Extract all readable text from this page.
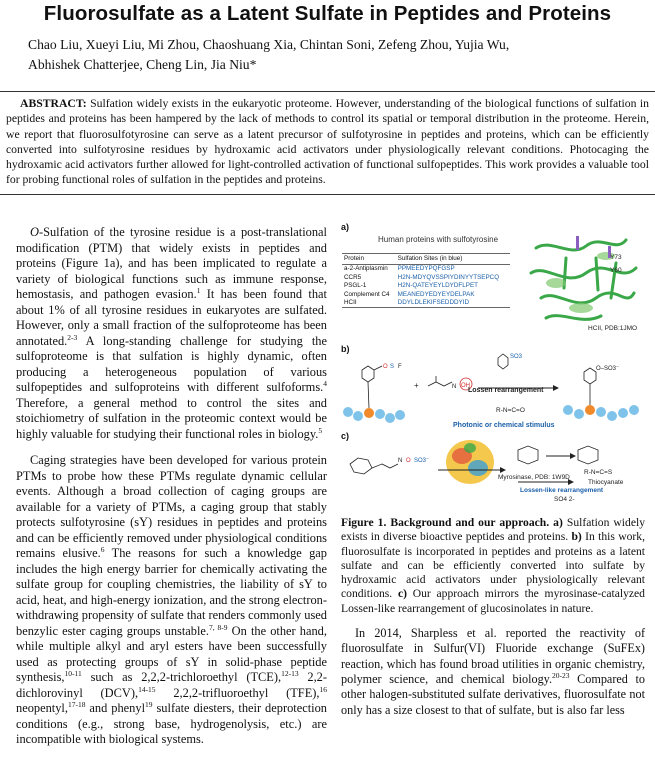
Fluorosulfate as a Latent Sulfate in Peptides and Proteins
Chao Liu, Xueyi Liu, Mi Zhou, Chaoshuang Xia, Chintan Soni, Zefeng Zhou, Yujia Wu,
Abhishek Chatterjee, Cheng Lin, Jia Niu*
ABSTRACT: Sulfation widely exists in the eukaryotic proteome. However, understanding of the biological functions of sulfation in peptides and proteins has been hampered by the lack of methods to control its spatial or temporal distribution in the proteome. Herein, we report that fluorosulfotyrosine can serve as a latent precursor of sulfotyrosine in peptides and proteins, which can be efficiently converted into sulfotyrosine residues by hydroxamic acid activators under physiologically relevant conditions. Photocaging the hydroxamic acid activators further allowed for light-controlled activation of functional sulfopeptides. This work provides a valuable tool for probing functional roles of sulfation in the peptides and proteins.

O-Sulfation of the tyrosine residue is a post-translational modification (PTM) that widely exists in peptides and proteins (Figure 1a), and has been implicated to regulate a variety of biological functions such as immune response, hemostasis, and pathogen evasion.$^1$ It has been found that about 1% of all tyrosine residues in eukaryotes are sulfated. However, only a small fraction of the sulfoproteome has been annotated.$^{2-3}$ A long-standing challenge for studying the sulfoproteome is that sulfation is highly dynamic, often producing a heterogeneous population of various sulfopeptides and sulfoproteins with different sulfoforms.$^4$ Therefore, a general method to control the sites and stoichiometry of sulfation in the proteomic context would be highly valuable for studying their functional roles in biology.$^5$

Caging strategies have been developed for various protein PTMs to probe how these PTMs regulate dynamic cellular events. Although a broad collection of caging groups are available for a variety of PTMs, a caging group that stably protects sulfotyrosine (sY) residues in peptides and proteins and can be efficiently removed under physiological conditions remains elusive.$^6$ The reasons for such a knowledge gap includes the high energy barrier for chemically activating the sulfate group for coupling chemistries, the liability of sY to acid, heat, and high-energy ionization, and the strong electron-withdrawing propensity of sulfate that renders commonly used benzylic ester caging groups unstable.$^{7, 8-9}$ On the other hand, while multiple alkyl and aryl esters have been successfully used as protecting groups of sY in solid-phase peptide synthesis,$^{10-11}$ such as 2,2,2-trichloroethyl (TCE),$^{12-13}$ 2,2-dichlorovinyl (DCV),$^{14-15}$ 2,2,2-trifluoroethyl (TFE),$^{16}$ neopentyl,$^{17-18}$ and phenyl$^{19}$ sulfate diesters, their deprotection conditions (e.g., strong base, hydrogenolysis, etc.) are incompatible with biological systems.

a)
Human proteins with sulfotyrosine
Protein	Sulfation Sites (in blue)
a-2-Antiplasmin	PPMEEDYPQFGSP
CCR5	H2N-MDYQVSSPIYDINYYTSEPCQ
PSGL-1	H2N-QATEYEYLDYDFLPET
Complement C4	MEANEDYEDYEYDELPAK
HCII	DDYLDLEKIFSEDDDYID
Y73
Y60
HCII, PDB:1JMO
b)
O S F
+	N OH
SO3
O–SO3⁻
Lossen rearrangement
R-N=C=O
Photonic or chemical stimulus
c)
N O SO3⁻
Myrosinase, PDB: 1W9D
Lossen-like rearrangement
R-N=C=S
Thiocyanate
SO4 2-

Figure 1. Background and our approach. a) Sulfation widely exists in diverse bioactive peptides and proteins. b) In this work, fluorosulfate is incorporated in peptides and proteins as a latent sulfate and can be efficiently converted into sulfate by hydroxamic acid activators under physiologically relevant conditions. c) Our approach mirrors the myrosinase-catalyzed Lossen-like rearrangement of glucosinolates in nature.

In 2014, Sharpless et al. reported the reactivity of fluorosulfate in Sulfur(VI) Fluoride exchange (SuFEx) reaction, which has found broad utilities in organic chemistry, polymer science, and chemical biology.$^{20-23}$ Compared to other halogen-substituted sulfate derivatives, fluorosulfate not only has a size closest to that of sulfate, but is also far less
